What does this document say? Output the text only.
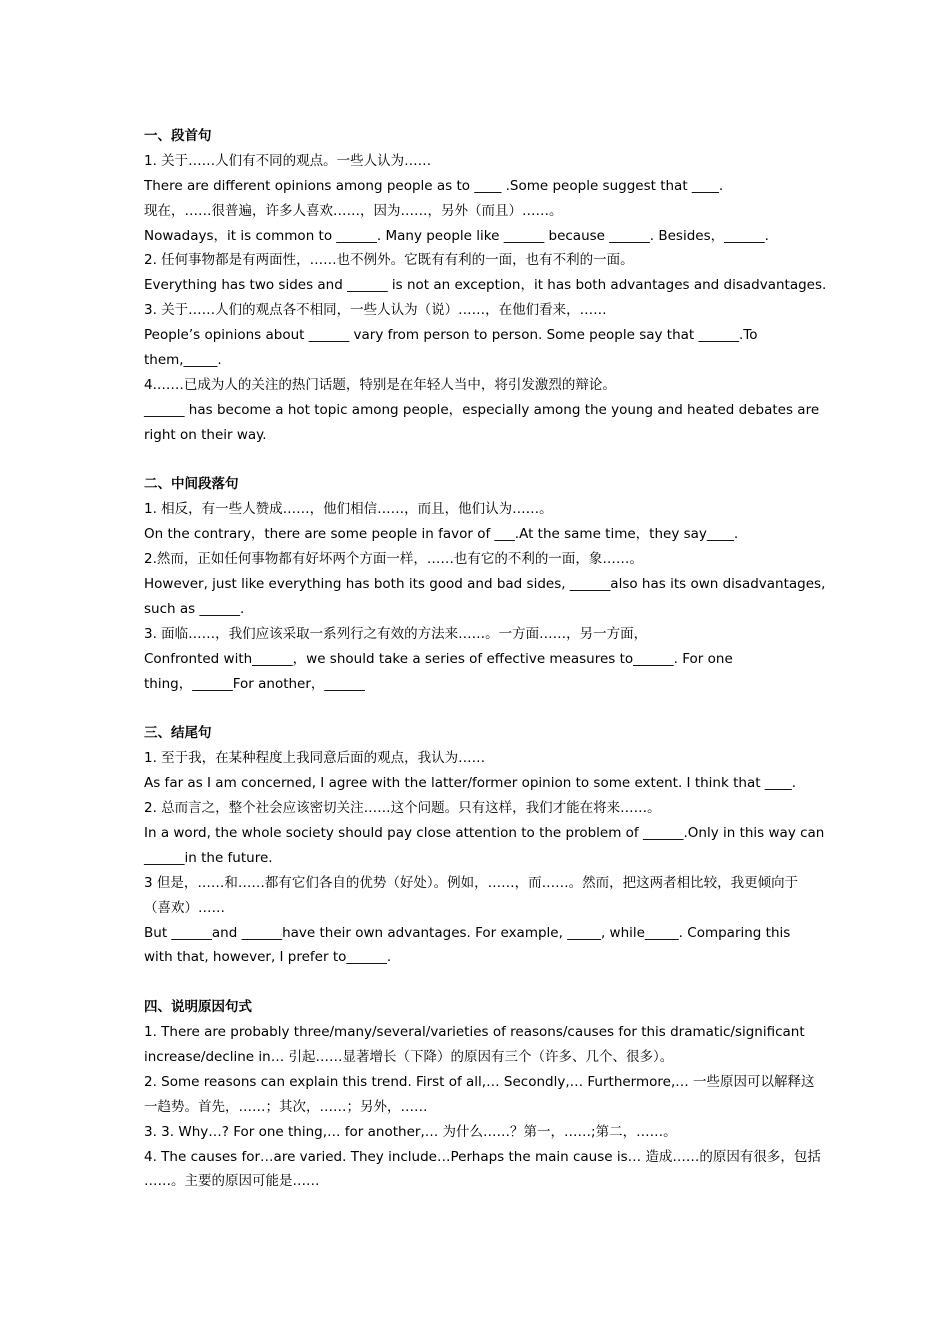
一、段首句
1. 关于……人们有不同的观点。一些人认为……
There are different opinions among people as to ____ .Some people suggest that ____.
现在，……很普遍，许多人喜欢……，因为……，另外（而且）……。
Nowadays，it is common to ______. Many people like ______ because ______. Besides，______.
2. 任何事物都是有两面性，……也不例外。它既有有利的一面，也有不利的一面。
Everything has two sides and ______ is not an exception，it has both advantages and disadvantages.
3. 关于……人们的观点各不相同，一些人认为（说）……，在他们看来，……
People’s opinions about ______ vary from person to person. Some people say that ______.To
them,_____.
4.……已成为人的关注的热门话题，特别是在年轻人当中，将引发激烈的辩论。
______ has become a hot topic among people，especially among the young and heated debates are
right on their way.
二、中间段落句
1. 相反，有一些人赞成……，他们相信……，而且，他们认为……。
On the contrary，there are some people in favor of ___.At the same time，they say____.
2.然而，正如任何事物都有好坏两个方面一样，……也有它的不利的一面，象……。
However, just like everything has both its good and bad sides, ______also has its own disadvantages,
such as ______.
3. 面临……，我们应该采取一系列行之有效的方法来……。一方面……，另一方面，
Confronted with______，we should take a series of effective measures to______. For one
thing，______For another，______
三、结尾句
1. 至于我，在某种程度上我同意后面的观点，我认为……
As far as I am concerned, I agree with the latter/former opinion to some extent. I think that ____.
2. 总而言之，整个社会应该密切关注……这个问题。只有这样，我们才能在将来……。
In a word, the whole society should pay close attention to the problem of ______.Only in this way can
______in the future.
3 但是，……和……都有它们各自的优势（好处）。例如，……，而……。然而，把这两者相比较，我更倾向于
（喜欢）……
But ______and ______have their own advantages. For example, _____, while_____. Comparing this
with that, however, I prefer to______.
四、说明原因句式
1. There are probably three/many/several/varieties of reasons/causes for this dramatic/significant
increase/decline in… 引起……显著增长（下降）的原因有三个（许多、几个、很多）。
2. Some reasons can explain this trend. First of all,… Secondly,… Furthermore,… 一些原因可以解释这
一趋势。首先，……；其次，……；另外，……
3. 3. Why…? For one thing,… for another,… 为什么……？第一，……;第二，……。
4. The causes for…are varied. They include…Perhaps the main cause is… 造成……的原因有很多，包括
……。主要的原因可能是……
